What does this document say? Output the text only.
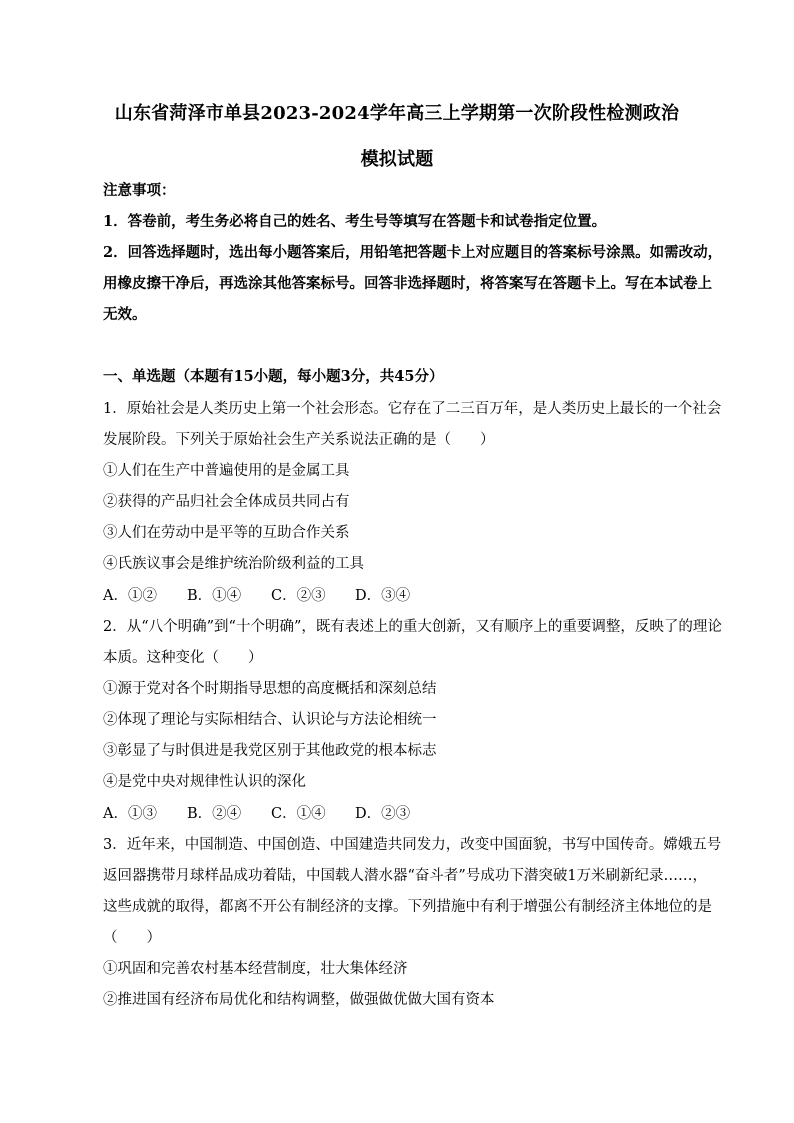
山东省菏泽市单县2023-2024学年高三上学期第一次阶段性检测政治
模拟试题
注意事项：
1．答卷前，考生务必将自己的姓名、考生号等填写在答题卡和试卷指定位置。
2．回答选择题时，选出每小题答案后，用铅笔把答题卡上对应题目的答案标号涂黑。如需改动，
用橡皮擦干净后，再选涂其他答案标号。回答非选择题时，将答案写在答题卡上。写在本试卷上
无效。
一、单选题（本题有15小题，每小题3分，共45分）
1．原始社会是人类历史上第一个社会形态。它存在了二三百万年，是人类历史上最长的一个社会
发展阶段。下列关于原始社会生产关系说法正确的是（　　）
①人们在生产中普遍使用的是金属工具
②获得的产品归社会全体成员共同占有
③人们在劳动中是平等的互助合作关系
④氏族议事会是维护统治阶级利益的工具
A．①② B．①④ C．②③ D．③④
2．从“八个明确”到“十个明确”，既有表述上的重大创新，又有顺序上的重要调整，反映了的理论
本质。这种变化（　　）
①源于党对各个时期指导思想的高度概括和深刻总结
②体现了理论与实际相结合、认识论与方法论相统一
③彰显了与时俱进是我党区别于其他政党的根本标志
④是党中央对规律性认识的深化
A．①③ B．②④ C．①④ D．②③
3．近年来，中国制造、中国创造、中国建造共同发力，改变中国面貌，书写中国传奇。嫦娥五号
返回器携带月球样品成功着陆，中国载人潜水器“奋斗者”号成功下潜突破1万米刷新纪录……，
这些成就的取得，都离不开公有制经济的支撑。下列措施中有利于增强公有制经济主体地位的是
（　　）
①巩固和完善农村基本经营制度，壮大集体经济
②推进国有经济布局优化和结构调整，做强做优做大国有资本
